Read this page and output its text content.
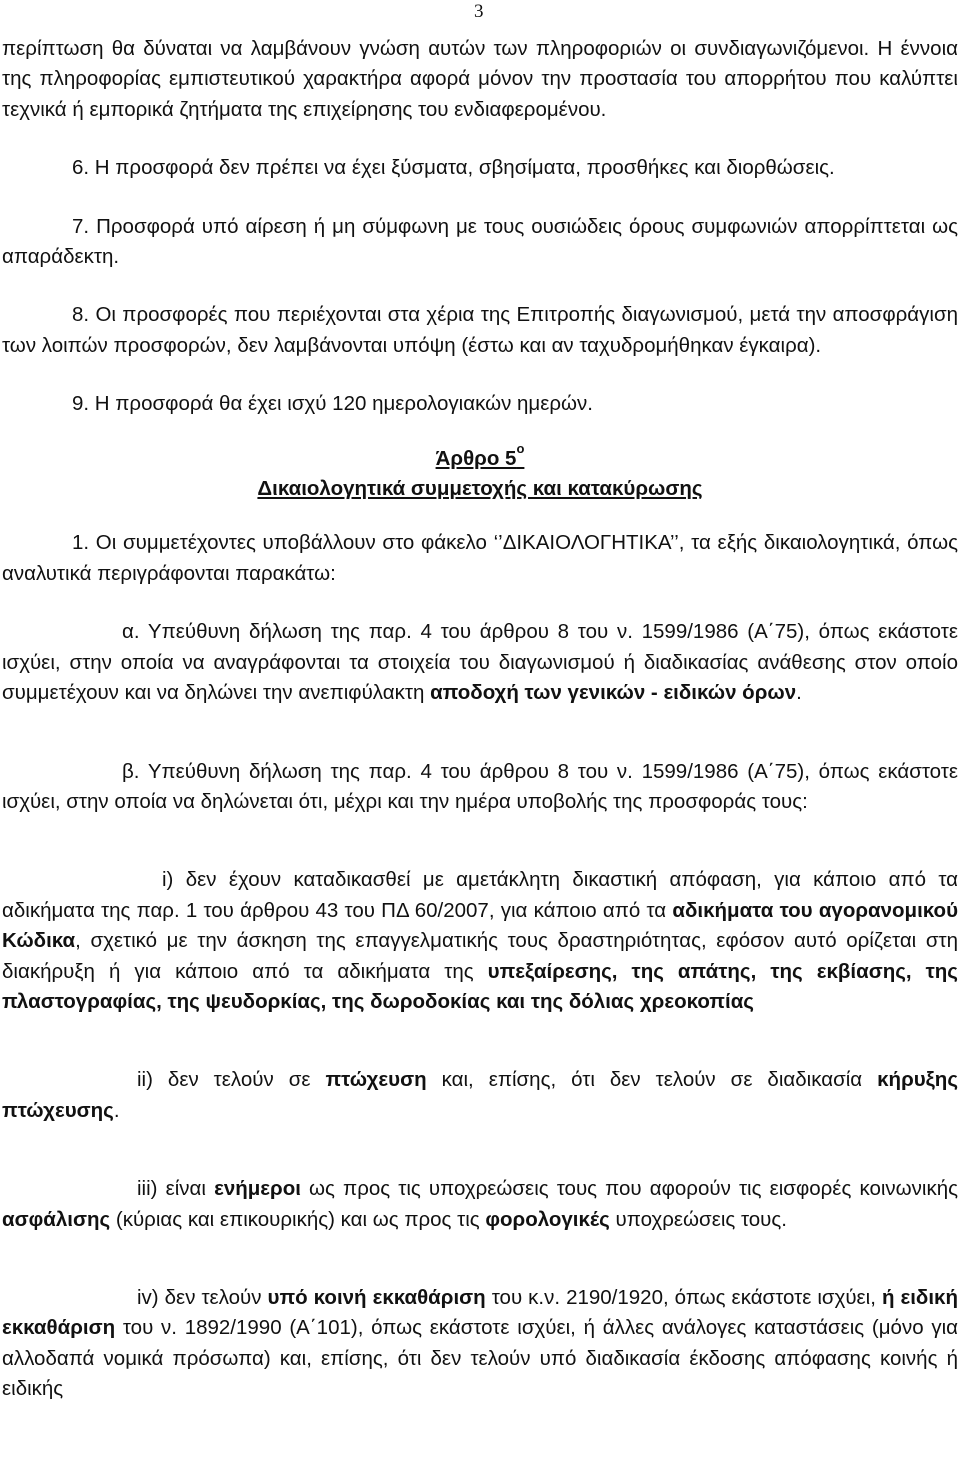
3

περίπτωση θα δύναται να λαμβάνουν γνώση αυτών των πληροφοριών οι συνδιαγωνιζόμενοι. Η έννοια της πληροφορίας εμπιστευτικού χαρακτήρα αφορά μόνον την προστασία του απορρήτου που καλύπτει τεχνικά ή εμπορικά ζητήματα της επιχείρησης του ενδιαφερομένου.

6. Η προσφορά δεν πρέπει να έχει ξύσματα, σβησίματα, προσθήκες και διορθώσεις.

7. Προσφορά υπό αίρεση ή μη σύμφωνη με τους ουσιώδεις όρους συμφωνιών απορρίπτεται ως απαράδεκτη.

8. Οι προσφορές που περιέχονται στα χέρια της Επιτροπής διαγωνισμού, μετά την αποσφράγιση των λοιπών προσφορών, δεν λαμβάνονται υπόψη (έστω και αν ταχυδρομήθηκαν έγκαιρα).

9. Η προσφορά θα έχει ισχύ 120 ημερολογιακών ημερών.

Άρθρο $5^o$
Δικαιολογητικά συμμετοχής και κατακύρωσης

1. Οι συμμετέχοντες υποβάλλουν στο φάκελο ‘’ΔΙΚΑΙΟΛΟΓΗΤΙΚΑ’’, τα εξής δικαιολογητικά, όπως αναλυτικά περιγράφονται παρακάτω:

α. Υπεύθυνη δήλωση της παρ. 4 του άρθρου 8 του ν. 1599/1986 (Α΄75), όπως εκάστοτε ισχύει, στην οποία να αναγράφονται τα στοιχεία του διαγωνισμού ή διαδικασίας ανάθεσης στον οποίο συμμετέχουν και να δηλώνει την ανεπιφύλακτη αποδοχή των γενικών - ειδικών όρων.

β. Υπεύθυνη δήλωση της παρ. 4 του άρθρου 8 του ν. 1599/1986 (Α΄75), όπως εκάστοτε ισχύει, στην οποία να δηλώνεται ότι, μέχρι και την ημέρα υποβολής της προσφοράς τους:

i) δεν έχουν καταδικασθεί με αμετάκλητη δικαστική απόφαση, για κάποιο από τα αδικήματα της παρ. 1 του άρθρου 43 του ΠΔ 60/2007, για κάποιο από τα αδικήματα του αγορανομικού Κώδικα, σχετικό με την άσκηση της επαγγελματικής τους δραστηριότητας, εφόσον αυτό ορίζεται στη διακήρυξη ή για κάποιο από τα αδικήματα της υπεξαίρεσης, της απάτης, της εκβίασης, της πλαστογραφίας, της ψευδορκίας, της δωροδοκίας και της δόλιας χρεοκοπίας

ii) δεν τελούν σε πτώχευση και, επίσης, ότι δεν τελούν σε διαδικασία κήρυξης πτώχευσης.

iii) είναι ενήμεροι ως προς τις υποχρεώσεις τους που αφορούν τις εισφορές κοινωνικής ασφάλισης (κύριας και επικουρικής) και ως προς τις φορολογικές υποχρεώσεις τους.

iv) δεν τελούν υπό κοινή εκκαθάριση του κ.ν. 2190/1920, όπως εκάστοτε ισχύει, ή ειδική εκκαθάριση του ν. 1892/1990 (Α΄101), όπως εκάστοτε ισχύει, ή άλλες ανάλογες καταστάσεις (μόνο για αλλοδαπά νομικά πρόσωπα) και, επίσης, ότι δεν τελούν υπό διαδικασία έκδοσης απόφασης κοινής ή ειδικής
